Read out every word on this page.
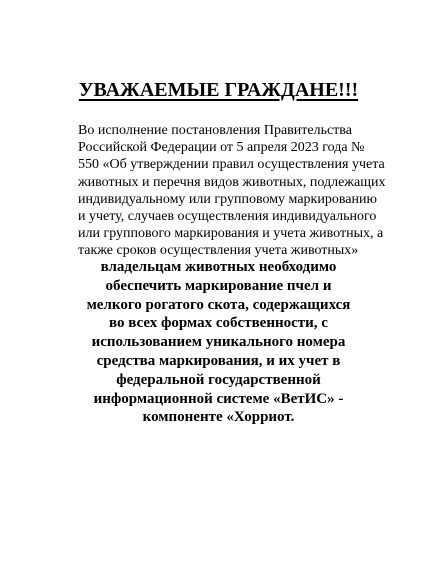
УВАЖАЕМЫЕ ГРАЖДАНЕ!!!

Во исполнение постановления Правительства
Российской Федерации от 5 апреля 2023 года №
550 «Об утверждении правил осуществления учета
животных и перечня видов животных, подлежащих
индивидуальному или групповому маркированию
и учету, случаев осуществления индивидуального
или группового маркирования и учета животных, а
также сроков осуществления учета животных»

владельцам животных необходимо
обеспечить маркирование пчел и
мелкого рогатого скота, содержащихся
во всех формах собственности, с
использованием уникального номера
средства маркирования, и их учет в
федеральной государственной
информационной системе «ВетИС» -
компоненте «Хорриот.
